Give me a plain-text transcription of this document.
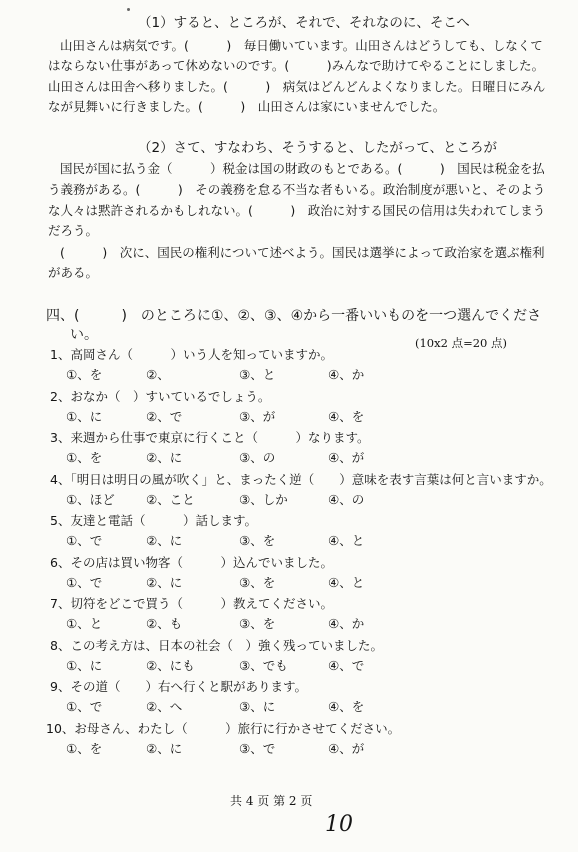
（1）すると、ところが、それで、それなのに、そこへ
山田さんは病気です。(　　　)　毎日働いています。山田さんはどうしても、しなくて
はならない仕事があって休めないのです。(　　　)みんなで助けてやることにしました。
山田さんは田舎へ移りました。(　　　)　病気はどんどんよくなりました。日曜日にみん
なが見舞いに行きました。(　　　)　山田さんは家にいませんでした。
（2）さて、すなわち、そうすると、したがって、ところが
国民が国に払う金（　　　）税金は国の財政のもとである。(　　　)　国民は税金を払
う義務がある。(　　　)　その義務を怠る不当な者もいる。政治制度が悪いと、そのよう
な人々は黙許されるかもしれない。(　　　)　政治に対する国民の信用は失われてしまう
だろう。
(　　　)　次に、国民の権利について述べよう。国民は選挙によって政治家を選ぶ権利
がある。
四、(　　　)　のところに①、②、③、④から一番いいものを一つ選んでくださ
い。	(10x2 点=20 点)
1、高岡さん（　　　）いう人を知っていますか。
①、を	②、	③、と	④、か
2、おなか（　）すいているでしょう。
①、に	②、で	③、が	④、を
3、来週から仕事で東京に行くこと（　　　）なります。
①、を	②、に	③、の	④、が
4、「明日は明日の風が吹く」と、まったく逆（　　）意味を表す言葉は何と言いますか。
①、ほど	②、こと	③、しか	④、の
5、友達と電話（　　　）話します。
①、で	②、に	③、を	④、と
6、その店は買い物客（　　　）込んでいました。
①、で	②、に	③、を	④、と
7、切符をどこで買う（　　　）教えてください。
①、と	②、も	③、を	④、か
8、この考え方は、日本の社会（　）強く残っていました。
①、に	②、にも	③、でも	④、で
9、その道（　　）右へ行くと駅があります。
①、で	②、へ	③、に	④、を
10、お母さん、わたし（　　　）旅行に行かさせてください。
①、を	②、に	③、で	④、が
共 4 页 第 2 页
10
